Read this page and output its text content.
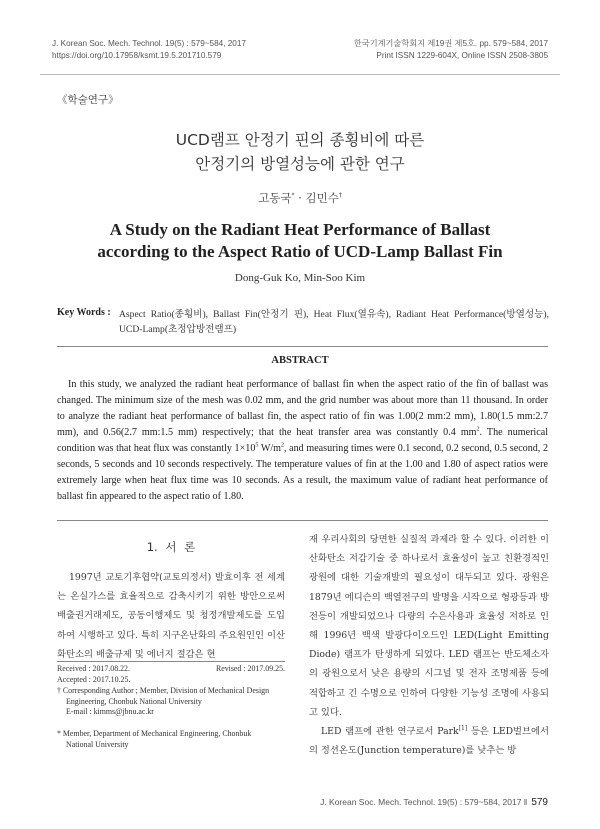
J. Korean Soc. Mech. Technol. 19(5) : 579~584, 2017
https://doi.org/10.17958/ksmt.19.5.201710.579
한국기계기술학회지 제19권 제5호. pp. 579~584, 2017
Print ISSN 1229-604X, Online ISSN 2508-3805
《학술연구》
UCD램프 안정기 핀의 종횡비에 따른
안정기의 방열성능에 관한 연구
고동국* · 김민수†
A Study on the Radiant Heat Performance of Ballast
according to the Aspect Ratio of UCD-Lamp Ballast Fin
Dong-Guk Ko, Min-Soo Kim
Key Words : Aspect Ratio(종횡비), Ballast Fin(안정기 핀), Heat Flux(열유속), Radiant Heat Performance(방열성능), UCD-Lamp(초정압방전램프)
ABSTRACT

In this study, we analyzed the radiant heat performance of ballast fin when the aspect ratio of the fin of ballast was changed. The minimum size of the mesh was 0.02 mm, and the grid number was about more than 11 thousand. In order to analyze the radiant heat performance of ballast fin, the aspect ratio of fin was 1.00(2 mm:2 mm), 1.80(1.5 mm:2.7 mm), and 0.56(2.7 mm:1.5 mm) respectively; that the heat transfer area was constantly 0.4 $mm^2$. The numerical condition was that heat flux was constantly $1\times 10^5$ $W/m^2$, and measuring times were 0.1 second, 0.2 second, 0.5 second, 2 seconds, 5 seconds and 10 seconds respectively. The temperature values of fin at the 1.00 and 1.80 of aspect ratios were extremely large when heat flux time was 10 seconds. As a result, the maximum value of radiant heat performance of ballast fin appeared to the aspect ratio of 1.80.

1. 서 론

1997년 교토기후협약(교토의정서) 발효이후 전 세계는 온실가스를 효율적으로 감축시키기 위한 방안으로써 배출권거래제도, 공동이행제도 및 청정개발제도를 도입하여 시행하고 있다. 특히 지구온난화의 주요원인인 이산화탄소의 배출규제 및 에너지 절감은 현

재 우리사회의 당면한 실질적 과제라 할 수 있다. 이러한 이산화탄소 저감기술 중 하나로서 효율성이 높고 친환경적인 광원에 대한 기술개발의 필요성이 대두되고 있다. 광원은 1879년 에디슨의 백열전구의 발명을 시작으로 형광등과 방전등이 개발되었으나 다량의 수은사용과 효율성 저하로 인해 1996년 백색 발광다이오드인 LED(Light Emitting Diode) 램프가 탄생하게 되었다. LED 램프는 반도체소자의 광원으로서 낮은 용량의 시그널 및 전자 조명제품 등에 적합하고 긴 수명으로 인하여 다양한 기능성 조명에 사용되고 있다.

LED 램프에 관한 연구로서 Park[1] 등은 LED벌브에서의 정션온도(Junction temperature)를 낮추는 방

Received : 2017.08.22.	Revised : 2017.09.25.
Accepted : 2017.10.25.
† Corresponding Author ; Member, Division of Mechanical Design
Engineering, Chonbuk National University
E-mail : kimms@jbnu.ac.kr
* Member, Department of Mechanical Engineering, Chonbuk
National University
J. Korean Soc. Mech. Technol. 19(5) : 579~584, 2017 ‖ 579
